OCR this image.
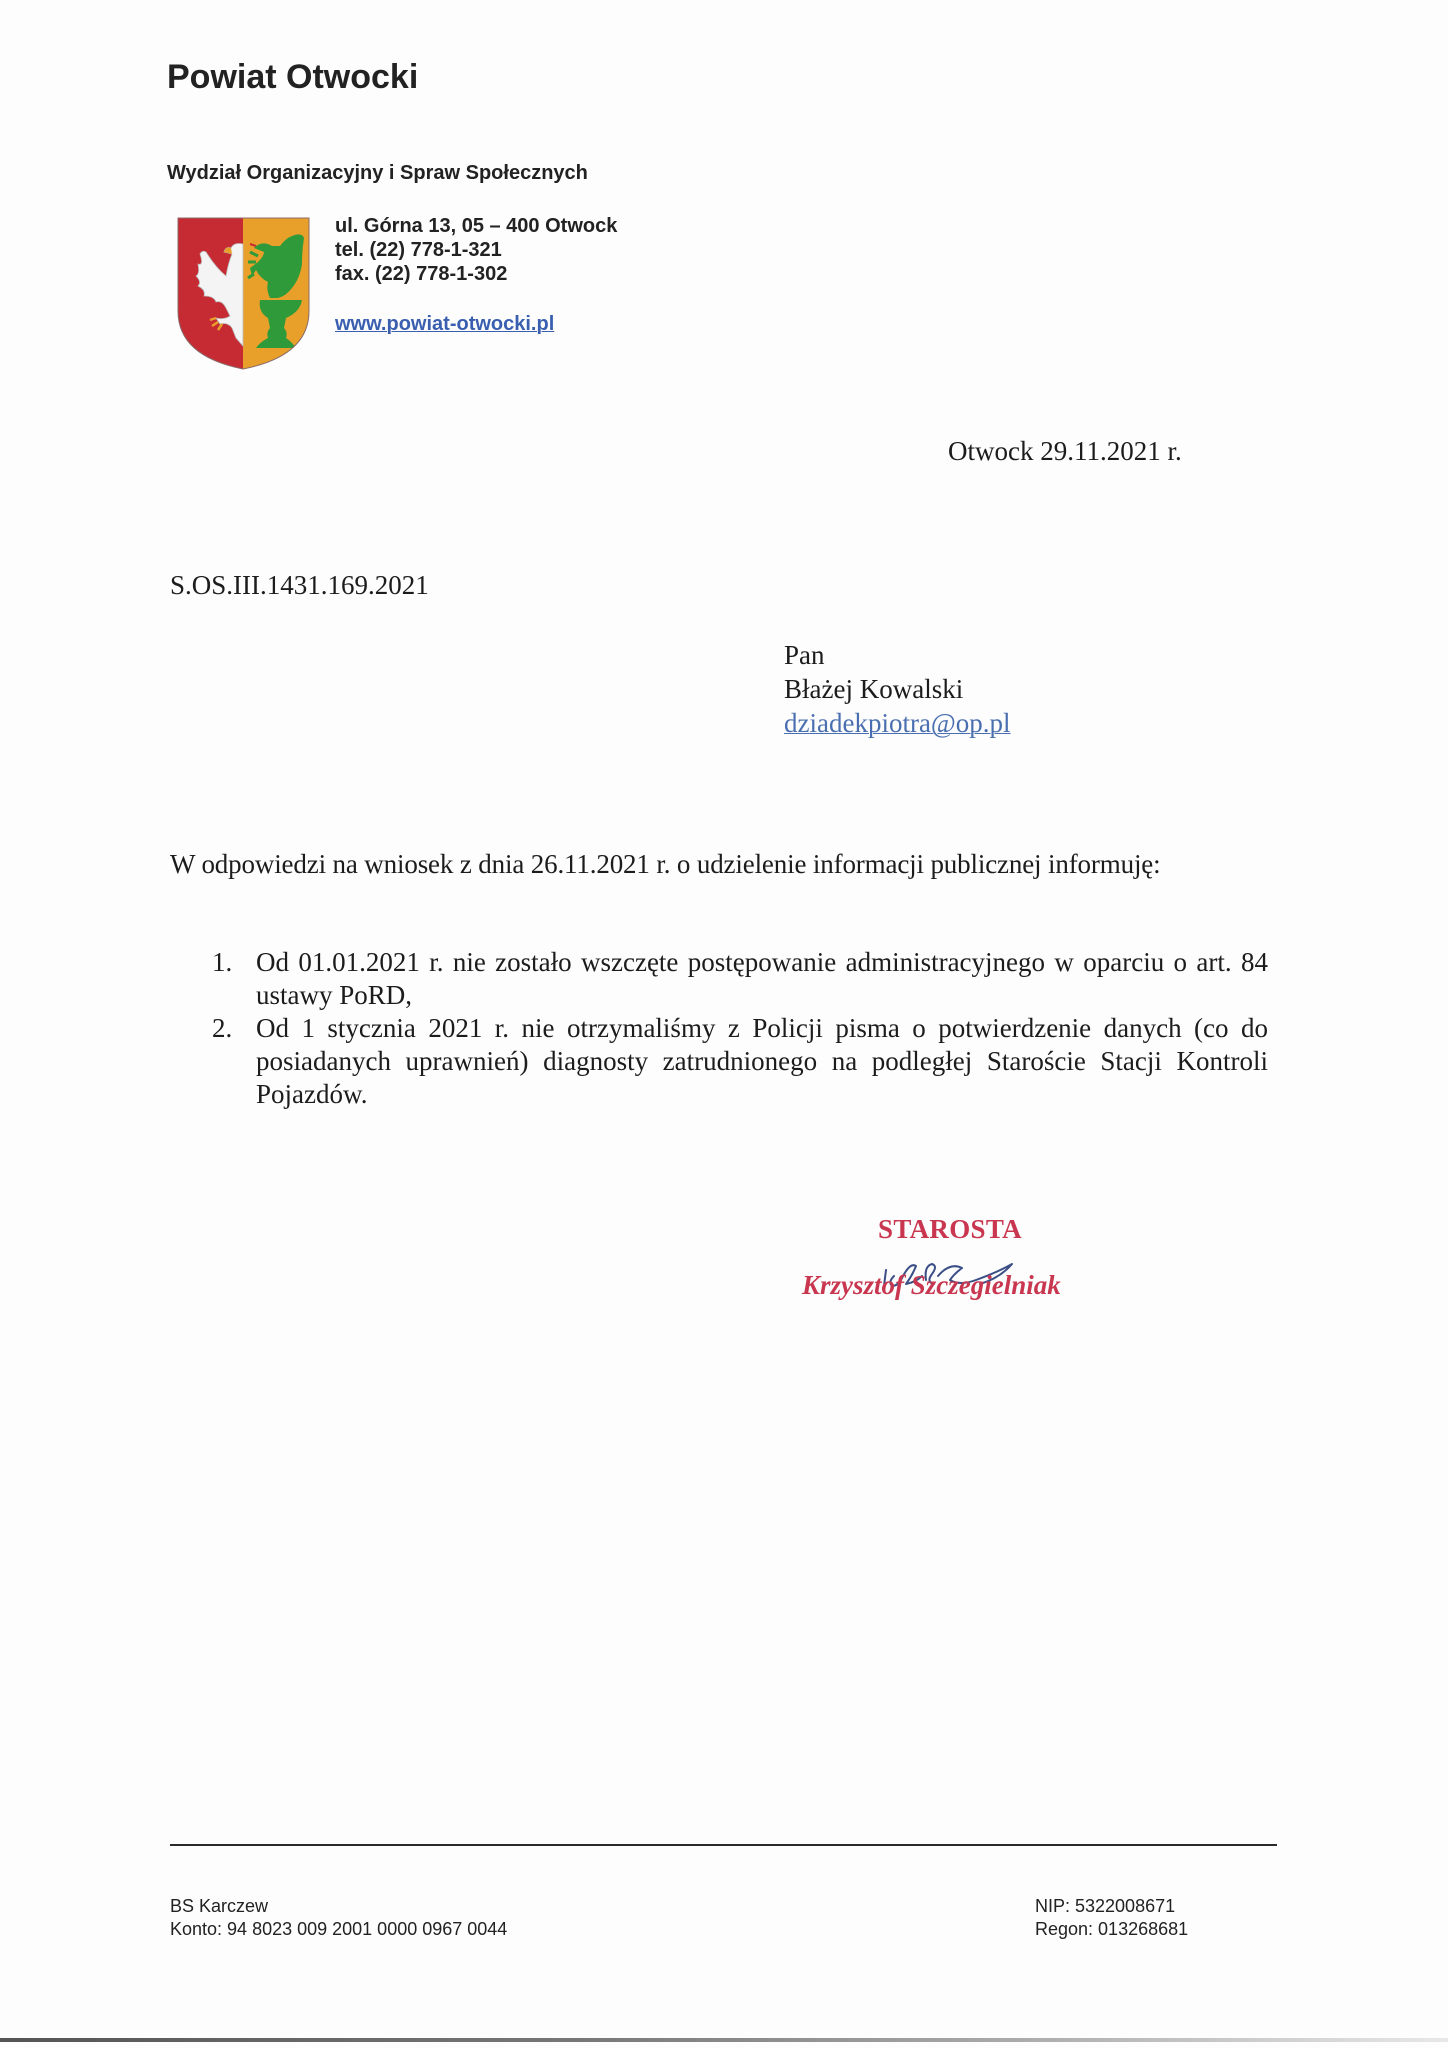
Powiat Otwocki
Wydział Organizacyjny i Spraw Społecznych
ul. Górna 13, 05 – 400 Otwock
tel. (22) 778-1-321
fax. (22) 778-1-302
www.powiat-otwocki.pl
Otwock 29.11.2021 r.
S.OS.III.1431.169.2021
Pan
Błażej Kowalski
dziadekpiotra@op.pl
W odpowiedzi na wniosek z dnia 26.11.2021 r. o udzielenie informacji publicznej informuję:
1. Od 01.01.2021 r. nie zostało wszczęte postępowanie administracyjnego w oparciu o art. 84 ustawy PoRD,
2. Od 1 stycznia 2021 r. nie otrzymaliśmy z Policji pisma o potwierdzenie danych (co do posiadanych uprawnień) diagnosty zatrudnionego na podległej Staroście Stacji Kontroli Pojazdów.
STAROSTA
Krzysztof Szczegielniak
BS Karczew
Konto: 94 8023 009 2001 0000 0967 0044
NIP: 5322008671
Regon: 013268681
